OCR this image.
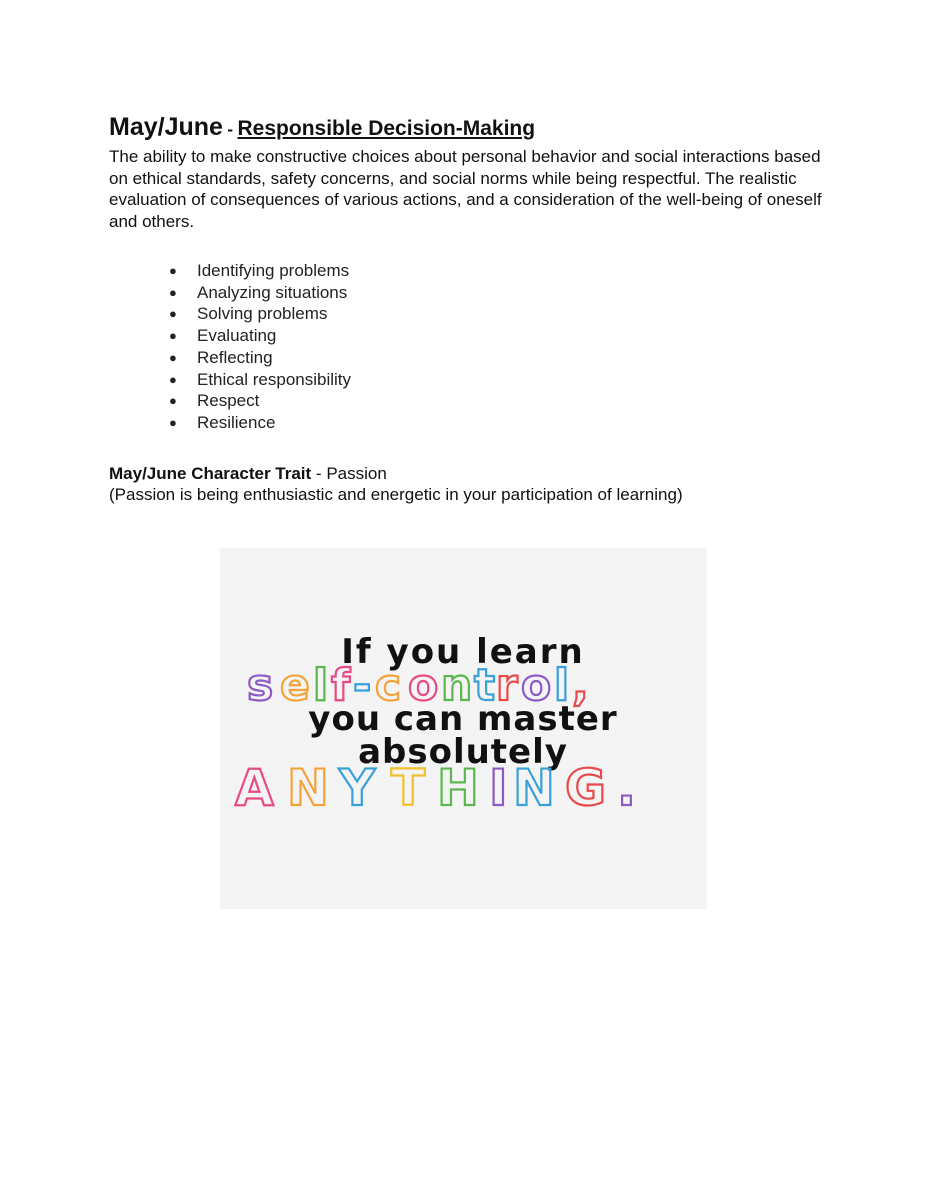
May/June - Responsible Decision-Making

The ability to make constructive choices about personal behavior and social interactions based on ethical standards, safety concerns, and social norms while being respectful. The realistic evaluation of consequences of various actions, and a consideration of the well-being of oneself and others.

●	Identifying problems
●	Analyzing situations
●	Solving problems
●	Evaluating
●	Reflecting
●	Ethical responsibility
●	Respect
●	Resilience

May/June Character Trait - Passion

(Passion is being enthusiastic and energetic in your participation of learning)

If you learn
s e l f - c o n t r o l ,
you can master
absolutely
A N Y T H I N G .
